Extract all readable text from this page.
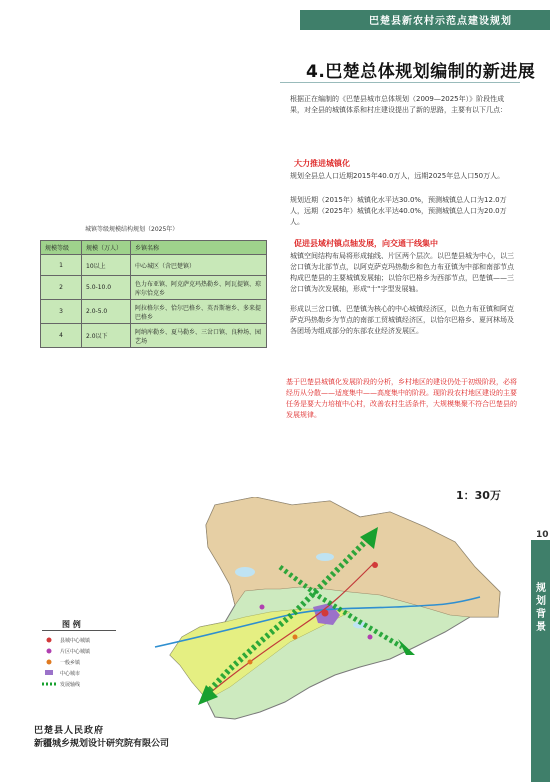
巴楚县新农村示范点建设规划
4.巴楚总体规划编制的新进展
根据正在编制的《巴楚县城市总体规划（2009—2025年）》阶段性成果，对全县的城镇体系和村庄建设提出了新的思路，主要有以下几点：
大力推进城镇化
规划全县总人口近期2015年40.0万人，远期2025年总人口50万人。
规划近期（2015年）城镇化水平达30.0%，预测城镇总人口为12.0万人，远期（2025年）城镇化水平达40.0%，预测城镇总人口为20.0万人。
促进县域村镇点轴发展，向交通干线集中
城镇空间结构布局将形成轴线、片区两个层次。以巴楚县城为中心，以三岔口镇为北部节点，以阿克萨克玛热勒乡和色力布亚镇为中部和南部节点构成巴楚县的主要城镇发展轴；以恰尔巴格乡为西部节点，巴楚镇——三岔口镇为次发展轴，形成"十"字型发展轴。
形成以三岔口镇、巴楚镇为核心的中心城镇经济区，以色力布亚镇和阿克萨克玛热勒乡为节点的南部工贸城镇经济区，以恰尔巴格乡、夏河林场及各团场为组成部分的东部农业经济发展区。
基于巴楚县城镇化发展阶段的分析，乡村地区的建设仍处于初级阶段，必将经历从分散——适度集中——高度集中的阶段。现阶段农村地区建设的主要任务是要大力培植中心村，改善农村生活条件，大规模集聚不符合巴楚县的发展规律。
城镇等级规模结构规划（2025年）
规模等级	规模（万人）	乡镇名称
1	10以上	中心城区（含巴楚镇）
2	5.0-10.0	色力布亚镇、阿克萨克玛热勒乡、阿瓦提镇、琼库尔恰克乡
3	2.0-5.0	阿拉格尔乡、恰尔巴格乡、英吾斯塘乡、多来提巴格乡
4	2.0以下	阿纳库勒乡、夏马勒乡、三岔口镇、良种场、园艺场
1：30万
图 例
县城中心城镇
片区中心城镇
一般乡镇
中心城市
发展轴线
巴楚县人民政府
新疆城乡规划设计研究院有限公司
10
规划背景
